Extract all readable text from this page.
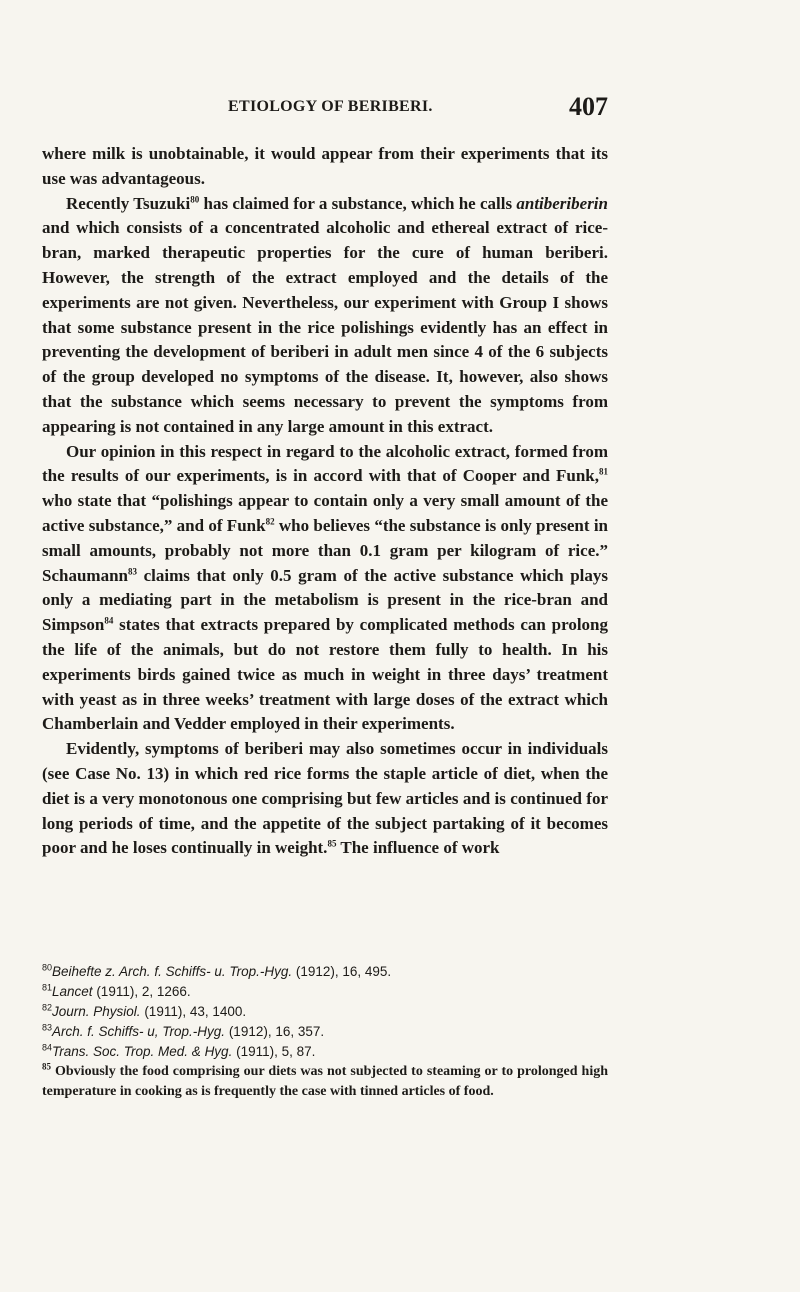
ETIOLOGY OF BERIBERI.	407

where milk is unobtainable, it would appear from their experiments that its use was advantageous.

Recently Tsuzuki$^{80}$ has claimed for a substance, which he calls antiberiberin and which consists of a concentrated alcoholic and ethereal extract of rice-bran, marked therapeutic properties for the cure of human beriberi. However, the strength of the extract employed and the details of the experiments are not given. Nevertheless, our experiment with Group I shows that some substance present in the rice polishings evidently has an effect in preventing the development of beriberi in adult men since 4 of the 6 subjects of the group developed no symptoms of the disease. It, however, also shows that the substance which seems necessary to prevent the symptoms from appearing is not contained in any large amount in this extract.

Our opinion in this respect in regard to the alcoholic extract, formed from the results of our experiments, is in accord with that of Cooper and Funk,$^{81}$ who state that “polishings appear to contain only a very small amount of the active substance,” and of Funk$^{82}$ who believes “the substance is only present in small amounts, probably not more than 0.1 gram per kilogram of rice.” Schaumann$^{83}$ claims that only 0.5 gram of the active substance which plays only a mediating part in the metabolism is present in the rice-bran and Simpson$^{84}$ states that extracts prepared by complicated methods can prolong the life of the animals, but do not restore them fully to health. In his experiments birds gained twice as much in weight in three days’ treatment with yeast as in three weeks’ treatment with large doses of the extract which Chamberlain and Vedder employed in their experiments.

Evidently, symptoms of beriberi may also sometimes occur in individuals (see Case No. 13) in which red rice forms the staple article of diet, when the diet is a very monotonous one comprising but few articles and is continued for long periods of time, and the appetite of the subject partaking of it becomes poor and he loses continually in weight.$^{85}$ The influence of work

$^{80}$Beihefte z. Arch. f. Schiffs- u. Trop.-Hyg. (1912), 16, 495.

$^{81}$Lancet (1911), 2, 1266.

$^{82}$Journ. Physiol. (1911), 43, 1400.

$^{83}$Arch. f. Schiffs- u, Trop.-Hyg. (1912), 16, 357.

$^{84}$Trans. Soc. Trop. Med. & Hyg. (1911), 5, 87.

$^{85}$ Obviously the food comprising our diets was not subjected to steaming or to prolonged high temperature in cooking as is frequently the case with tinned articles of food.
